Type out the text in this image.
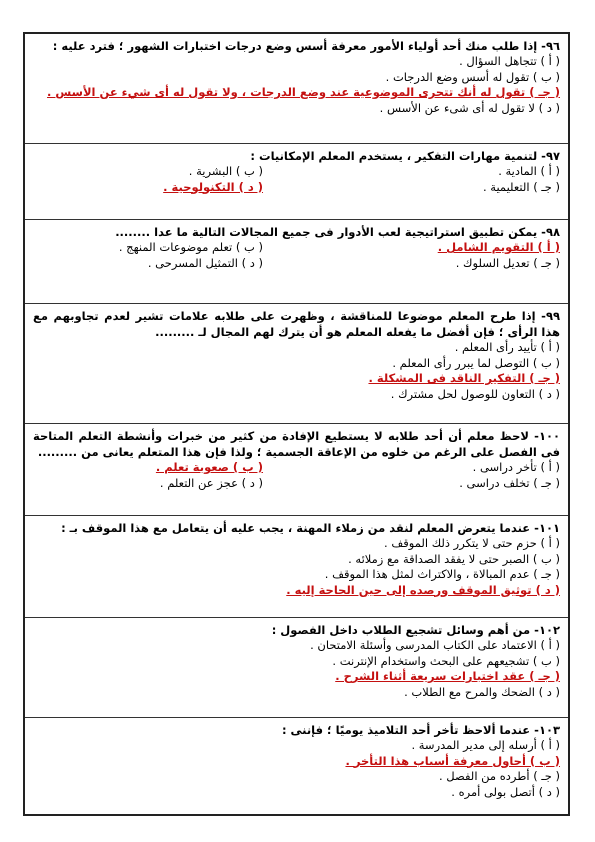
٩٦- إذا طلب منك أحد أولياء الأمور معرفة أسس وضع درجات اختبارات الشهور ؛ فترد عليه :
( أ ) تتجاهل السؤال .
( ب ) تقول له أسس وضع الدرجات .
( جـ ) تقول له أنك تتحرى الموضوعية عند وضع الدرجات ، ولا تقول له أى شيء عن الأسس .
( د ) لا تقول له أى شىء عن الأسس .
٩٧- لتنمية مهارات التفكير ، يستخدم المعلم الإمكانيات :
( أ ) المادية .
( ب ) البشرية .
( جـ ) التعليمية .
( د ) التكنولوجية .
٩٨- يمكن تطبيق استراتيجية لعب الأدوار فى جميع المجالات التالية ما عدا ........
( أ ) التقويم الشامل .
( ب ) تعلم موضوعات المنهج .
( جـ ) تعديل السلوك .
( د ) التمثيل المسرحى .
٩٩- إذا طرح المعلم موضوعا للمناقشة ، وظهرت على طلابه علامات تشير لعدم تجاوبهم مع هذا الرأى ؛ فإن أفضل ما يفعله المعلم هو أن يترك لهم المجال لـ .........
( أ ) تأييد رأى المعلم .
( ب ) التوصل لما يبرر رأى المعلم .
( جـ ) التفكير الناقد فى المشكلة .
( د ) التعاون للوصول لحل مشترك .
١٠٠- لاحظ معلم أن أحد طلابه لا يستطيع الإفادة من كثير من خبرات وأنشطة التعلم المتاحة فى الفصل على الرغم من خلوه من الإعاقة الجسمية ؛ ولذا فإن هذا المتعلم يعانى من .........
( أ ) تأخر دراسى .
( ب ) صعوبة تعلم .
( جـ ) تخلف دراسى .
( د ) عجز عن التعلم .
١٠١- عندما يتعرض المعلم لنقد من زملاء المهنة ، يجب عليه أن يتعامل مع هذا الموقف بـ :
( أ ) حزم حتى لا يتكرر ذلك الموقف .
( ب ) الصبر حتى لا يفقد الصداقة مع زملائه .
( جـ ) عدم المبالاة ، والاكتراث لمثل هذا الموقف .
( د ) توثيق الموقف ورصده إلى حين الحاجة إليه .
١٠٢- من أهم وسائل تشجيع الطلاب داخل الفصول :
( أ ) الاعتماد على الكتاب المدرسى وأسئلة الامتحان .
( ب ) تشجيعهم على البحث واستخدام الإنترنت .
( جـ ) عقد اختبارات سريعة أثناء الشرح .
( د ) الضحك والمرح مع الطلاب .
١٠٣- عندما ألاحظ تأخر أحد التلاميذ يوميًا ؛ فإننى :
( أ ) أرسله إلى مدير المدرسة .
( ب ) أحاول معرفة أسباب هذا التأخر .
( جـ ) أطرده من الفصل .
( د ) أتصل بولى أمره .
